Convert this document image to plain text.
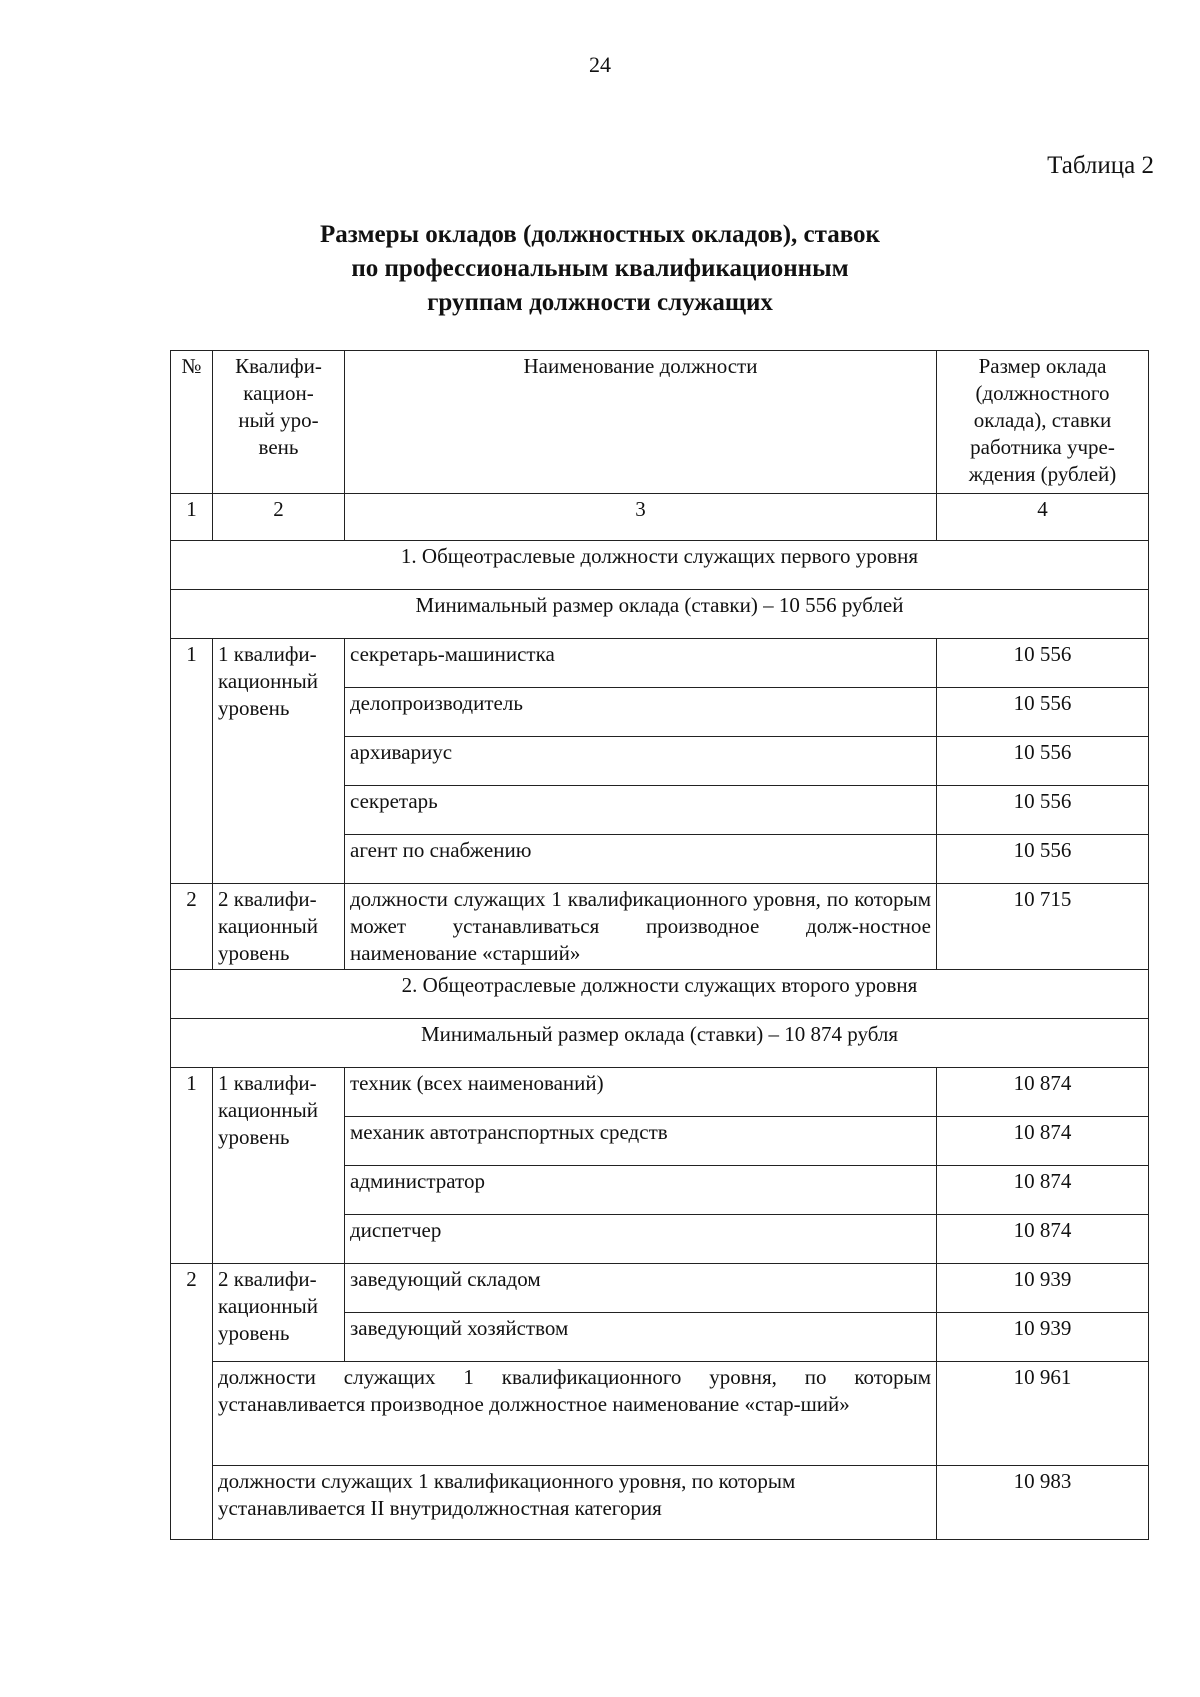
24
Таблица 2
Размеры окладов (должностных окладов), ставок
по профессиональным квалификационным
группам должности служащих
№	Квалифи-
кацион-
ный уро-
вень	Наименование должности	Размер оклада
(должностного
оклада), ставки
работника учре-
ждения (рублей)
1	2	3	4
1. Общеотраслевые должности служащих первого уровня			
Минимальный размер оклада (ставки) – 10 556 рублей			
1	1 квалифи-
кационный
уровень	секретарь-машинистка	10 556
		делопроизводитель	10 556
		архивариус	10 556
		секретарь	10 556
		агент по снабжению	10 556
2	2 квалифи-
кационный
уровень	должности служащих 1 квалификационного уровня, по которым может устанавливаться производное долж-ностное наименование «старший»	10 715
2. Общеотраслевые должности служащих второго уровня			
Минимальный размер оклада (ставки) – 10 874 рубля			
1	1 квалифи-
кационный
уровень	техник (всех наименований)	10 874
		механик автотранспортных средств	10 874
		администратор	10 874
		диспетчер	10 874
2	2 квалифи-
кационный
уровень	заведующий складом	10 939
		заведующий хозяйством	10 939
	должности служащих 1 квалификационного уровня, по которым устанавливается производное должностное наименование «стар-ший»		10 961
	должности служащих 1 квалификационного уровня, по которым устанавливается II внутридолжностная категория		10 983
